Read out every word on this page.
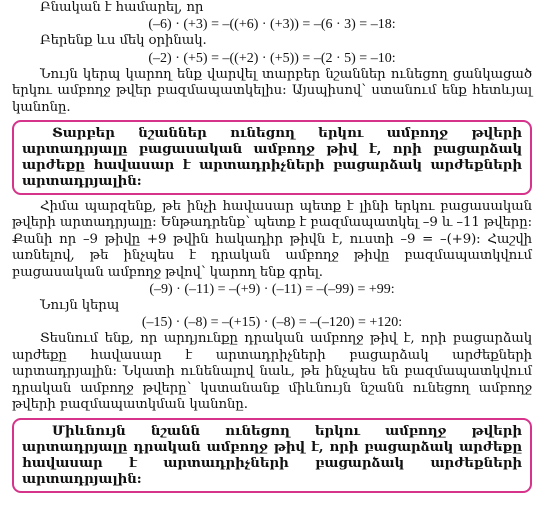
Բնական է համարել, որ

(–6) · (+3) = –((+6) · (+3)) = –(6 · 3) = –18:

Բերենք ևս մեկ օրինակ.

(–2) · (+5) = –((+2) · (+5)) = –(2 · 5) = –10:

Նույն կերպ կարող ենք վարվել տարբեր նշաններ ունեցող ցանկացած երկու ամբողջ թվեր բազմապատկելիս: Այսպիսով՝ ստանում ենք հետևյալ կանոնը.

Տարբեր նշաններ ունեցող երկու ամբողջ թվերի արտադրյալը բացասական ամբողջ թիվ է, որի բացարձակ արժեքը հավասար է արտադրիչների բացարձակ արժեքների արտադրյալին:

Հիմա պարզենք, թե ինչի հավասար պետք է լինի երկու բացասական թվերի արտադրյալը: Ենթադրենք՝ պետք է բազմապատկել –9 և –11 թվերը: Քանի որ –9 թիվը +9 թվին հակադիր թիվն է, ուստի –9 = –(+9): Հաշվի առնելով, թե ինչպես է դրական ամբողջ թիվը բազմապատկվում բացասական ամբողջ թվով՝ կարող ենք գրել.

(–9) · (–11) = –(+9) · (–11) = –(–99) = +99:

Նույն կերպ

(–15) · (–8) = –(+15) · (–8) = –(–120) = +120:

Տեսնում ենք, որ արդյունքը դրական ամբողջ թիվ է, որի բացարձակ արժեքը հավասար է արտադրիչների բացարձակ արժեքների արտադրյալին: Նկատի ունենալով նաև, թե ինչպես են բազմապատկվում դրական ամբողջ թվերը՝ կստանանք միևնույն նշանն ունեցող ամբողջ թվերի բազմապատկման կանոնը.

Միևնույն նշանն ունեցող երկու ամբողջ թվերի արտադրյալը դրական ամբողջ թիվ է, որի բացարձակ արժեքը հավասար է արտադրիչների բացարձակ արժեքների արտադրյալին:
